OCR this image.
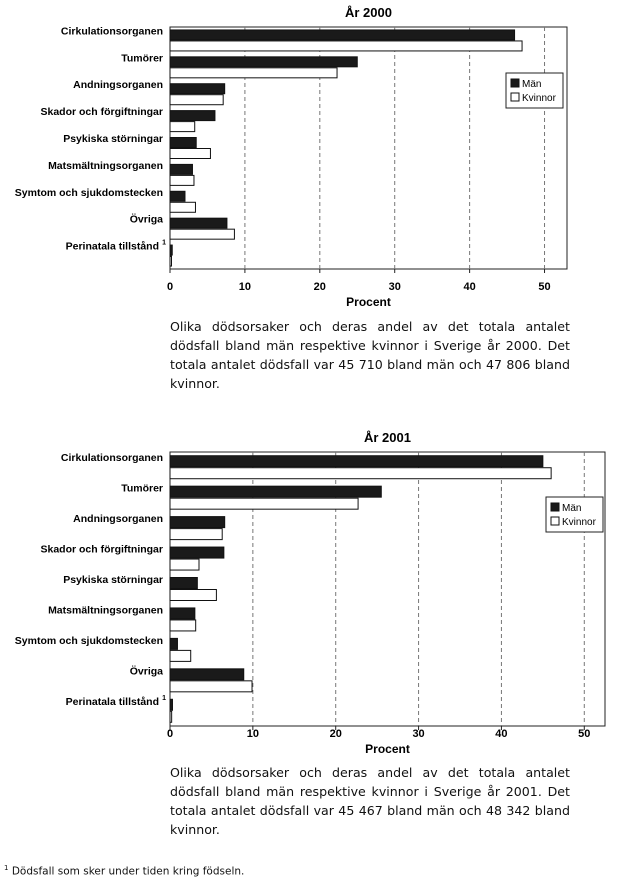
År 2000
0	10	20	30	40	50
Procent
Cirkulationsorganen
Tumörer
Andningsorganen
Skador och förgiftningar
Psykiska störningar
Matsmältningsorganen
Symtom och sjukdomstecken
Övriga
Perinatala tillstånd 1
Män
Kvinnor
Olika dödsorsaker och deras andel av det totala antalet dödsfall bland män respektive kvinnor i Sverige år 2000. Det totala antalet dödsfall var 45 710 bland män och 47 806 bland kvinnor.
År 2001
0	10	20	30	40	50
Procent
Cirkulationsorganen
Tumörer
Andningsorganen
Skador och förgiftningar
Psykiska störningar
Matsmältningsorganen
Symtom och sjukdomstecken
Övriga
Perinatala tillstånd 1
Män
Kvinnor
Olika dödsorsaker och deras andel av det totala antalet dödsfall bland män respektive kvinnor i Sverige år 2001. Det totala antalet dödsfall var 45 467 bland män och 48 342 bland kvinnor.
$^1$ Dödsfall som sker under tiden kring födseln.
